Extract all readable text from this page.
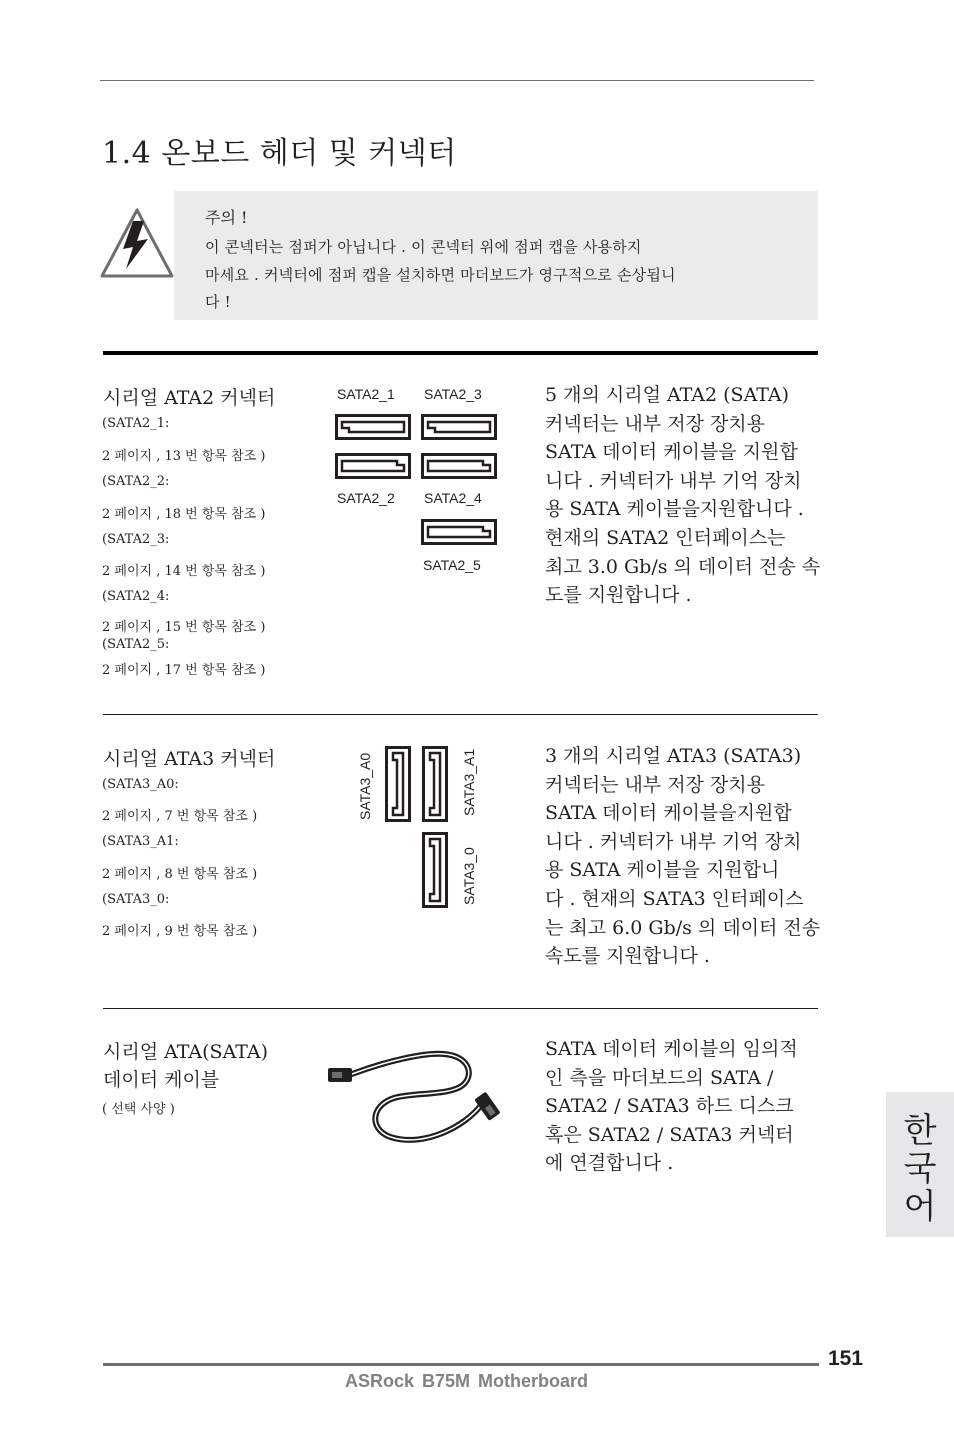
1.4 온보드 헤더 및 커넥터
주의 !
이 콘넥터는 점퍼가 아닙니다 . 이 콘넥터 위에 점퍼 캡을 사용하지
마세요 . 커넥터에 점퍼 캡을 설치하면 마더보드가 영구적으로 손상됩니
다 !
시리얼 ATA2 커넥터
(SATA2_1:
2 페이지 , 13 번 항목 참조 )
(SATA2_2:
2 페이지 , 18 번 항목 참조 )
(SATA2_3:
2 페이지 , 14 번 항목 참조 )
(SATA2_4:
2 페이지 , 15 번 항목 참조 )
(SATA2_5:
2 페이지 , 17 번 항목 참조 )
SATA2_1 SATA2_3
SATA2_2 SATA2_4
SATA2_5
5 개의 시리얼 ATA2 (SATA)
커넥터는 내부 저장 장치용
SATA 데이터 케이블을 지원합
니다 . 커넥터가 내부 기억 장치
용 SATA 케이블을지원합니다 .
현재의 SATA2 인터페이스는
최고 3.0 Gb/s 의 데이터 전송 속
도를 지원합니다 .
시리얼 ATA3 커넥터
(SATA3_A0:
2 페이지 , 7 번 항목 참조 )
(SATA3_A1:
2 페이지 , 8 번 항목 참조 )
(SATA3_0:
2 페이지 , 9 번 항목 참조 )
SATA3_A0	SATA3_A1
SATA3_0
3 개의 시리얼 ATA3 (SATA3)
커넥터는 내부 저장 장치용
SATA 데이터 케이블을지원합
니다 . 커넥터가 내부 기억 장치
용 SATA 케이블을 지원합니
다 . 현재의 SATA3 인터페이스
는 최고 6.0 Gb/s 의 데이터 전송
속도를 지원합니다 .
시리얼 ATA(SATA)
데이터 케이블
( 선택 사양 )
SATA 데이터 케이블의 임의적
인 측을 마더보드의 SATA /
SATA2 / SATA3 하드 디스크
혹은 SATA2 / SATA3 커넥터
에 연결합니다 .
한국어
151
ASRock B75M Motherboard
